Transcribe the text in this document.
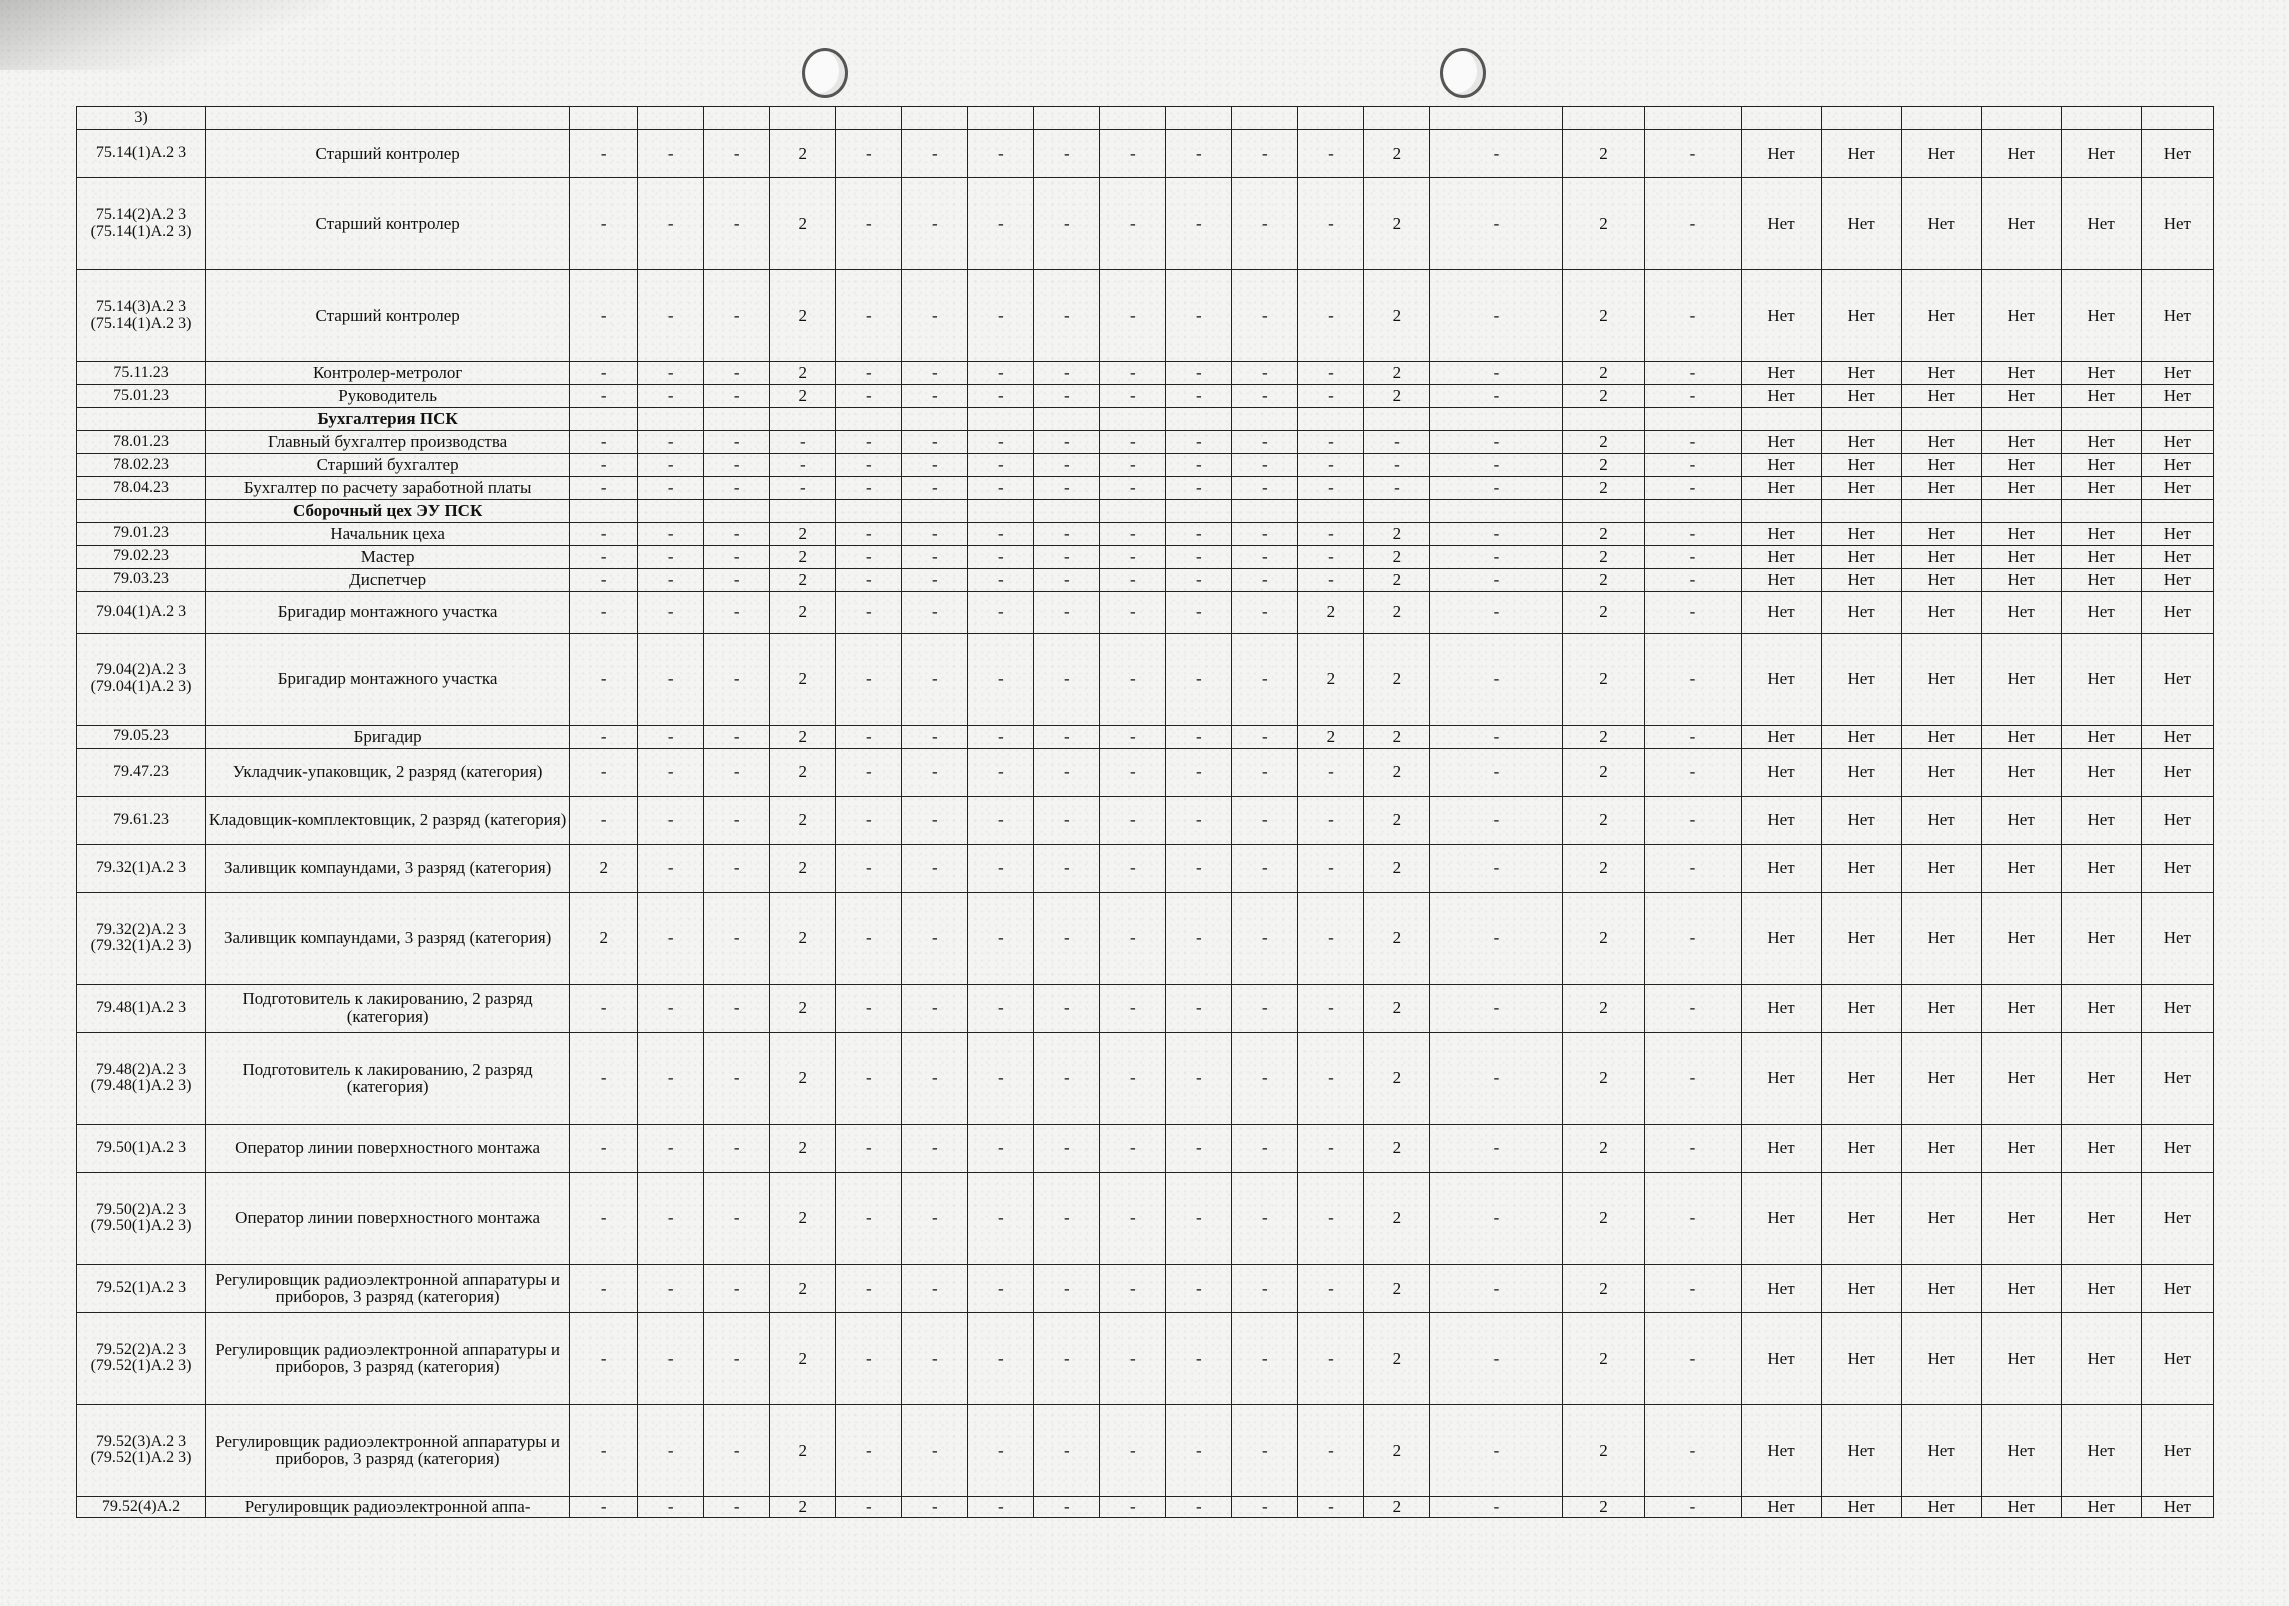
3)																							
75.14(1)А.2 3	Старший контролер	-	-	-	2	-	-	-	-	-	-	-	-	2	-	2	-	Нет	Нет	Нет	Нет	Нет	Нет
75.14(2)А.2 3 (75.14(1)А.2 3)	Старший контролер	-	-	-	2	-	-	-	-	-	-	-	-	2	-	2	-	Нет	Нет	Нет	Нет	Нет	Нет
75.14(3)А.2 3 (75.14(1)А.2 3)	Старший контролер	-	-	-	2	-	-	-	-	-	-	-	-	2	-	2	-	Нет	Нет	Нет	Нет	Нет	Нет
75.11.23	Контролер-метролог	-	-	-	2	-	-	-	-	-	-	-	-	2	-	2	-	Нет	Нет	Нет	Нет	Нет	Нет
75.01.23	Руководитель	-	-	-	2	-	-	-	-	-	-	-	-	2	-	2	-	Нет	Нет	Нет	Нет	Нет	Нет
	Бухгалтерия ПСК																						
78.01.23	Главный бухгалтер производства	-	-	-	-	-	-	-	-	-	-	-	-	-	-	2	-	Нет	Нет	Нет	Нет	Нет	Нет
78.02.23	Старший бухгалтер	-	-	-	-	-	-	-	-	-	-	-	-	-	-	2	-	Нет	Нет	Нет	Нет	Нет	Нет
78.04.23	Бухгалтер по расчету заработной платы	-	-	-	-	-	-	-	-	-	-	-	-	-	-	2	-	Нет	Нет	Нет	Нет	Нет	Нет
	Сборочный цех ЭУ ПСК																						
79.01.23	Начальник цеха	-	-	-	2	-	-	-	-	-	-	-	-	2	-	2	-	Нет	Нет	Нет	Нет	Нет	Нет
79.02.23	Мастер	-	-	-	2	-	-	-	-	-	-	-	-	2	-	2	-	Нет	Нет	Нет	Нет	Нет	Нет
79.03.23	Диспетчер	-	-	-	2	-	-	-	-	-	-	-	-	2	-	2	-	Нет	Нет	Нет	Нет	Нет	Нет
79.04(1)А.2 3	Бригадир монтажного участка	-	-	-	2	-	-	-	-	-	-	-	2	2	-	2	-	Нет	Нет	Нет	Нет	Нет	Нет
79.04(2)А.2 3 (79.04(1)А.2 3)	Бригадир монтажного участка	-	-	-	2	-	-	-	-	-	-	-	2	2	-	2	-	Нет	Нет	Нет	Нет	Нет	Нет
79.05.23	Бригадир	-	-	-	2	-	-	-	-	-	-	-	2	2	-	2	-	Нет	Нет	Нет	Нет	Нет	Нет
79.47.23	Укладчик-упаковщик, 2 разряд (категория)	-	-	-	2	-	-	-	-	-	-	-	-	2	-	2	-	Нет	Нет	Нет	Нет	Нет	Нет
79.61.23	Кладовщик-комплектовщик, 2 разряд (категория)	-	-	-	2	-	-	-	-	-	-	-	-	2	-	2	-	Нет	Нет	Нет	Нет	Нет	Нет
79.32(1)А.2 3	Заливщик компаундами, 3 разряд (категория)	2	-	-	2	-	-	-	-	-	-	-	-	2	-	2	-	Нет	Нет	Нет	Нет	Нет	Нет
79.32(2)А.2 3 (79.32(1)А.2 3)	Заливщик компаундами, 3 разряд (категория)	2	-	-	2	-	-	-	-	-	-	-	-	2	-	2	-	Нет	Нет	Нет	Нет	Нет	Нет
79.48(1)А.2 3	Подготовитель к лакированию, 2 разряд (категория)	-	-	-	2	-	-	-	-	-	-	-	-	2	-	2	-	Нет	Нет	Нет	Нет	Нет	Нет
79.48(2)А.2 3 (79.48(1)А.2 3)	Подготовитель к лакированию, 2 разряд (категория)	-	-	-	2	-	-	-	-	-	-	-	-	2	-	2	-	Нет	Нет	Нет	Нет	Нет	Нет
79.50(1)А.2 3	Оператор линии поверхностного монтажа	-	-	-	2	-	-	-	-	-	-	-	-	2	-	2	-	Нет	Нет	Нет	Нет	Нет	Нет
79.50(2)А.2 3 (79.50(1)А.2 3)	Оператор линии поверхностного монтажа	-	-	-	2	-	-	-	-	-	-	-	-	2	-	2	-	Нет	Нет	Нет	Нет	Нет	Нет
79.52(1)А.2 3	Регулировщик радиоэлектронной аппаратуры и приборов, 3 разряд (категория)	-	-	-	2	-	-	-	-	-	-	-	-	2	-	2	-	Нет	Нет	Нет	Нет	Нет	Нет
79.52(2)А.2 3 (79.52(1)А.2 3)	Регулировщик радиоэлектронной аппаратуры и приборов, 3 разряд (категория)	-	-	-	2	-	-	-	-	-	-	-	-	2	-	2	-	Нет	Нет	Нет	Нет	Нет	Нет
79.52(3)А.2 3 (79.52(1)А.2 3)	Регулировщик радиоэлектронной аппаратуры и приборов, 3 разряд (категория)	-	-	-	2	-	-	-	-	-	-	-	-	2	-	2	-	Нет	Нет	Нет	Нет	Нет	Нет
79.52(4)А.2	Регулировщик радиоэлектронной аппа-	-	-	-	2	-	-	-	-	-	-	-	-	2	-	2	-	Нет	Нет	Нет	Нет	Нет	Нет
